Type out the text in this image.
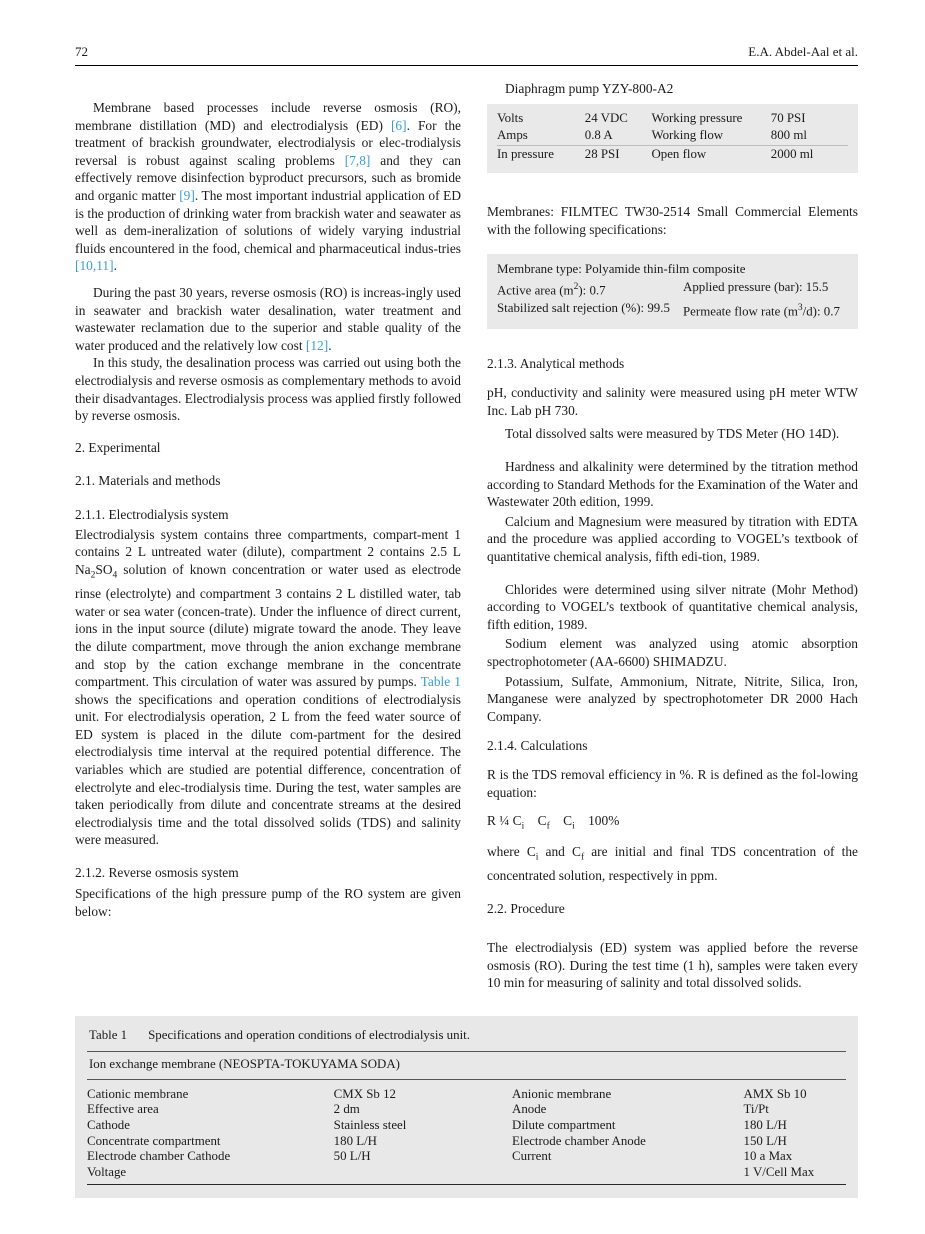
72	E.A. Abdel-Aal et al.

Membrane based processes include reverse osmosis (RO), membrane distillation (MD) and electrodialysis (ED) [6]. For the treatment of brackish groundwater, electrodialysis or elec-trodialysis reversal is robust against scaling problems [7,8] and they can effectively remove disinfection byproduct precursors, such as bromide and organic matter [9]. The most important industrial application of ED is the production of drinking water from brackish water and seawater as well as dem-ineralization of solutions of widely varying industrial fluids encountered in the food, chemical and pharmaceutical indus-tries [10,11].

During the past 30 years, reverse osmosis (RO) is increas-ingly used in seawater and brackish water desalination, water treatment and wastewater reclamation due to the superior and stable quality of the water produced and the relatively low cost [12].

In this study, the desalination process was carried out using both the electrodialysis and reverse osmosis as complementary methods to avoid their disadvantages. Electrodialysis process was applied firstly followed by reverse osmosis.

2. Experimental
2.1. Materials and methods
2.1.1. Electrodialysis system

Electrodialysis system contains three compartments, compart-ment 1 contains 2 L untreated water (dilute), compartment 2 contains 2.5 L $Na_2SO_4$ solution of known concentration or water used as electrode rinse (electrolyte) and compartment 3 contains 2 L distilled water, tab water or sea water (concen-trate). Under the influence of direct current, ions in the input source (dilute) migrate toward the anode. They leave the dilute compartment, move through the anion exchange membrane and stop by the cation exchange membrane in the concentrate compartment. This circulation of water was assured by pumps. Table 1 shows the specifications and operation conditions of electrodialysis unit. For electrodialysis operation, 2 L from the feed water source of ED system is placed in the dilute com-partment for the desired electrodialysis time interval at the required potential difference. The variables which are studied are potential difference, concentration of electrolyte and elec-trodialysis time. During the test, water samples are taken periodically from dilute and concentrate streams at the desired electrodialysis time and the total dissolved solids (TDS) and salinity were measured.

2.1.2. Reverse osmosis system

Specifications of the high pressure pump of the RO system are given below:

Diaphragm pump YZY-800-A2
Volts	24 VDC	Working pressure	70 PSI
Amps	0.8 A	Working flow	800 ml
In pressure	28 PSI	Open flow	2000 ml

Membranes: FILMTEC TW30-2514 Small Commercial Elements with the following specifications:

Membrane type: Polyamide thin-film composite
Active area $(m^2)$: 0.7	Applied pressure (bar): 15.5
Stabilized salt rejection (%): 99.5	Permeate flow rate $(m^3/d)$: 0.7
2.1.3. Analytical methods

pH, conductivity and salinity were measured using pH meter WTW Inc. Lab pH 730.

Total dissolved salts were measured by TDS Meter (HO 14D).

Hardness and alkalinity were determined by the titration method according to Standard Methods for the Examination of the Water and Wastewater 20th edition, 1999.

Calcium and Magnesium were measured by titration with EDTA and the procedure was applied according to VOGEL’s textbook of quantitative chemical analysis, fifth edi-tion, 1989.

Chlorides were determined using silver nitrate (Mohr Method) according to VOGEL’s textbook of quantitative chemical analysis, fifth edition, 1989.

Sodium element was analyzed using atomic absorption spectrophotometer (AA-6600) SHIMADZU.

Potassium, Sulfate, Ammonium, Nitrate, Nitrite, Silica, Iron, Manganese were analyzed by spectrophotometer DR 2000 Hach Company.

2.1.4. Calculations

R is the TDS removal efficiency in %. R is defined as the fol-lowing equation:

R ¼ $C_i$    $C_f$    $C_i$    100%

where $C_i$ and $C_f$ are initial and final TDS concentration of the concentrated solution, respectively in ppm.

2.2. Procedure

The electrodialysis (ED) system was applied before the reverse osmosis (RO). During the test time (1 h), samples were taken every 10 min for measuring of salinity and total dissolved solids.

Table 1 Specifications and operation conditions of electrodialysis unit.
Ion exchange membrane (NEOSPTA-TOKUYAMA SODA)
Cationic membrane	CMX Sb 12	Anionic membrane	AMX Sb 10
Effective area	2 dm	Anode	Ti/Pt
Cathode	Stainless steel	Dilute compartment	180 L/H
Concentrate compartment	180 L/H	Electrode chamber Anode	150 L/H
Electrode chamber Cathode	50 L/H	Current	10 a Max
Voltage			1 V/Cell Max
